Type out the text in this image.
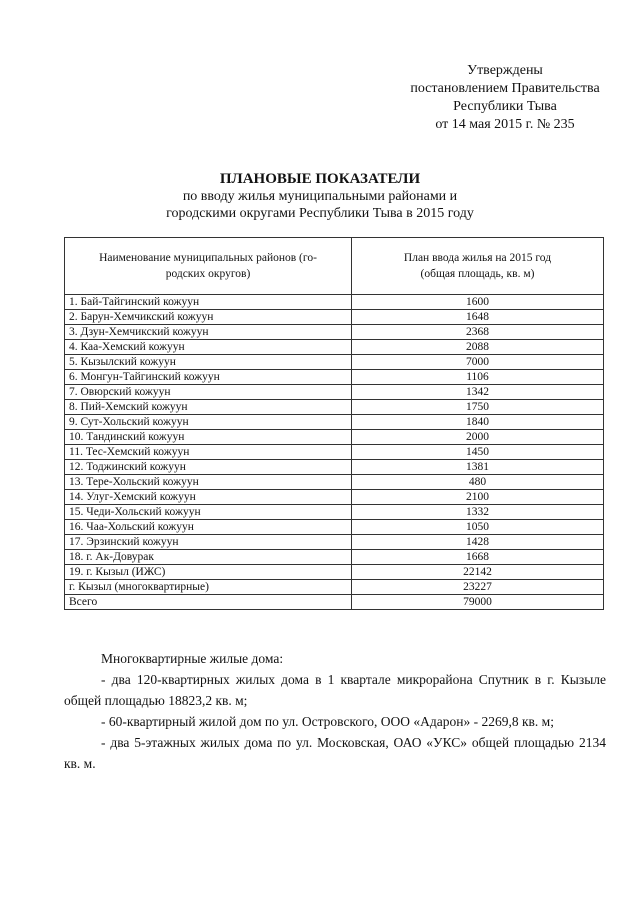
Утверждены
постановлением Правительства
Республики Тыва
от 14 мая 2015 г. № 235
ПЛАНОВЫЕ ПОКАЗАТЕЛИ
по вводу жилья муниципальными районами и
городскими округами Республики Тыва в 2015 году
Наименование муниципальных районов (го-
родских округов)	План ввода жилья на 2015 год
(общая площадь, кв. м)
1. Бай-Тайгинский кожуун	1600
2. Барун-Хемчикский кожуун	1648
3. Дзун-Хемчикский кожуун	2368
4. Каа-Хемский кожуун	2088
5. Кызылский кожуун	7000
6. Монгун-Тайгинский кожуун	1106
7. Овюрский кожуун	1342
8. Пий-Хемский кожуун	1750
9. Сут-Хольский кожуун	1840
10. Тандинский кожуун	2000
11. Тес-Хемский кожуун	1450
12. Тоджинский кожуун	1381
13. Тере-Хольский кожуун	480
14. Улуг-Хемский кожуун	2100
15. Чеди-Хольский кожуун	1332
16. Чаа-Хольский кожуун	1050
17. Эрзинский кожуун	1428
18. г. Ак-Довурак	1668
19. г. Кызыл (ИЖС)	22142
г. Кызыл (многоквартирные)	23227
Всего	79000

Многоквартирные жилые дома:

- два 120-квартирных жилых дома в 1 квартале микрорайона Спутник в г. Кызыле общей площадью 18823,2 кв. м;

- 60-квартирный жилой дом по ул. Островского, ООО «Адарон» - 2269,8 кв. м;

- два 5-этажных жилых дома по ул. Московская, ОАО «УКС» общей площадью 2134 кв. м.
